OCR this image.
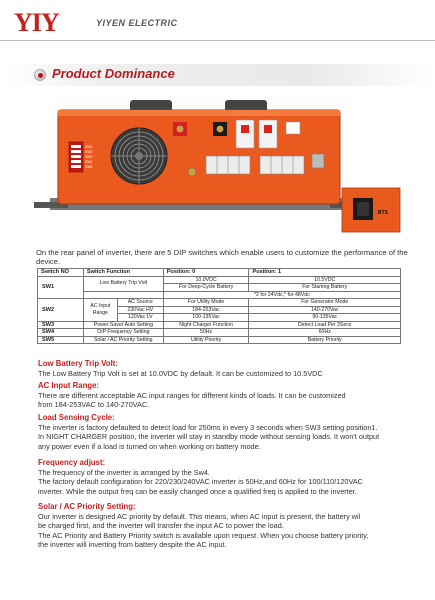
YIY	YIYEN ELECTRIC
Product Dominance
SW1
SW2
SW3
SW4
SW5
BTS
On the rear panel of inverter, there are 5 DIP switches which enable users to customize the performance of the device.
Switch NO	Switch Function		Position: 0	Position: 1
SW1	Low Battery Trip Volt		10.0VDC	10.5VDC
			For Deep-Cycle Battery	For Starting Battery
			*2 for 24Vdc,* for 48Vdc	
SW2	AC Input Range	AC Source	For Utility Mode	For Generator Mode
		230Vac HV	184-253Vac	140-270Vac
		120Vac LV	100-135Vac	90-135Vac
SW3	Power Saver Auto Setting		Night Charger Function	Detect Load Per 3Secs
SW4	O/P Frequency Setting		50Hz	60Hz
SW5	Solar / AC Priority Setting		Utility Priority	Battery Priority
Low Battery Trip Volt:
The Low Battery Trip Volt is set at 10.0VDC by default. It can be customized to 10.5VDC
AC Input Range:
There are different acceptable AC input ranges for different kinds of loads. It can be customized
from 184-253VAC to 140-270VAC.
Load Sensing Cycle:
The inverter is factory defaulted to detect load for 250ms in every 3 seconds when SW3 setting position1.
In NIGHT CHARGER position, the inverter will stay in standby mode without sensing loads. It won't output
any power even if a load is turned on when working on battery mode.
Frequency adjust:
The frequency of the inverter is arranged by the Sw4.
The factory default configuration for 220/230/240VAC inverter is 50Hz,and 60Hz for 100/110/120VAC
inverter. While the output freq can be easily changed once a qualified freq is applied to the inverter.
Solar / AC Priority Setting:
Our inverter is designed AC priority by default. This means, when AC input is present, the battery wil
be charged first, and the inverter will transfer the input AC to power the load.
The AC Priority and Battery Priority switch is available upon request. When you choose battery priority,
the inverter will inverting from battery despite the AC input.
